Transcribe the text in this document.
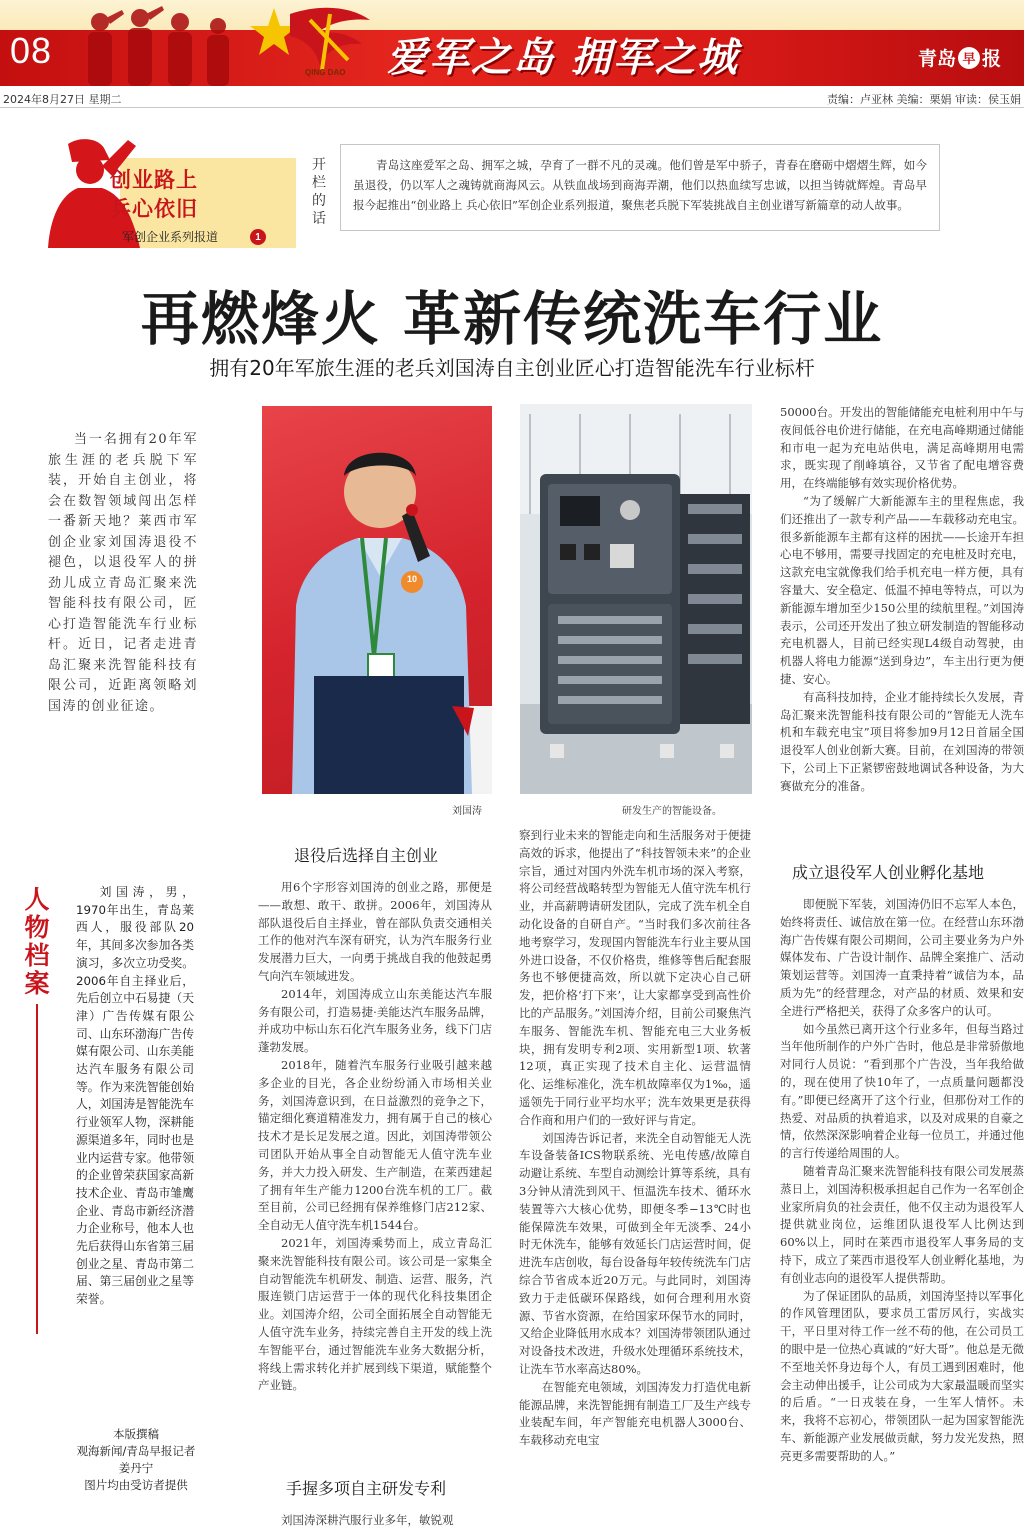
08
QING DAO 爱军之岛 拥军之城	青岛 早 报
2024年8月27日 星期二	责编：卢亚林 美编：栗娟 审读：侯玉娟
创业路上
兵心依旧
军创企业系列报道	1
开栏的话
青岛这座爱军之岛、拥军之城，孕育了一群不凡的灵魂。他们曾是军中骄子，青春在磨砺中熠熠生辉，如今虽退役，仍以军人之魂铸就商海风云。从铁血战场到商海弄潮，他们以热血续写忠诚，以担当铸就辉煌。青岛早报今起推出“创业路上 兵心依旧”军创企业系列报道，聚焦老兵脱下军装挑战自主创业谱写新篇章的动人故事。
再燃烽火 革新传统洗车行业
拥有20年军旅生涯的老兵刘国涛自主创业匠心打造智能洗车行业标杆
当一名拥有20年军旅生涯的老兵脱下军装，开始自主创业，将会在数智领域闯出怎样一番新天地？莱西市军创企业家刘国涛退役不褪色，以退役军人的拼劲儿成立青岛汇聚来洗智能科技有限公司，匠心打造智能洗车行业标杆。近日，记者走进青岛汇聚来洗智能科技有限公司，近距离领略刘国涛的创业征途。
10
刘国涛	研发生产的智能设备。
人物档案
刘国涛，男，1970年出生，青岛莱西人，服役部队20年，其间多次参加各类演习，多次立功受奖。2006年自主择业后，先后创立中石易捷（天津）广告传媒有限公司、山东环渤海广告传媒有限公司、山东美能达汽车服务有限公司等。作为来洗智能创始人，刘国涛是智能洗车行业领军人物，深耕能源渠道多年，同时也是业内运营专家。他带领的企业曾荣获国家高新技术企业、青岛市雏鹰企业、青岛市新经济潜力企业称号，他本人也先后获得山东省第三届创业之星、青岛市第二届、第三届创业之星等荣誉。
本版撰稿
观海新闻/青岛早报记者
姜丹宁
图片均由受访者提供
退役后选择自主创业

用6个字形容刘国涛的创业之路，那便是——敢想、敢干、敢拼。2006年，刘国涛从部队退役后自主择业，曾在部队负责交通相关工作的他对汽车深有研究，认为汽车服务行业发展潜力巨大，一向勇于挑战自我的他鼓起勇气向汽车领域进发。

2014年，刘国涛成立山东美能达汽车服务有限公司，打造易捷·美能达汽车服务品牌，并成功中标山东石化汽车服务业务，线下门店蓬勃发展。

2018年，随着汽车服务行业吸引越来越多企业的目光，各企业纷纷涌入市场相关业务，刘国涛意识到，在日益激烈的竞争之下，锚定细化赛道精准发力，拥有属于自己的核心技术才是长足发展之道。因此，刘国涛带领公司团队开始从事全自动智能无人值守洗车业务，并大力投入研发、生产制造，在莱西建起了拥有年生产能力1200台洗车机的工厂。截至目前，公司已经拥有保养维修门店212家、全自动无人值守洗车机1544台。

2021年，刘国涛乘势而上，成立青岛汇聚来洗智能科技有限公司。该公司是一家集全自动智能洗车机研发、制造、运营、服务，汽服连锁门店运营于一体的现代化科技集团企业。刘国涛介绍，公司全面拓展全自动智能无人值守洗车业务，持续完善自主开发的线上洗车智能平台，通过智能洗车业务大数据分析，将线上需求转化并扩展到线下渠道，赋能整个产业链。

手握多项自主研发专利

刘国涛深耕汽服行业多年，敏锐观

察到行业未来的智能走向和生活服务对于便捷高效的诉求，他提出了“科技智领未来”的企业宗旨，通过对国内外洗车机市场的深入考察，将公司经营战略转型为智能无人值守洗车机行业，并高薪聘请研发团队，完成了洗车机全自动化设备的自研自产。“当时我们多次前往各地考察学习，发现国内智能洗车行业主要从国外进口设备，不仅价格贵，维修等售后配套服务也不够便捷高效，所以就下定决心自己研发，把价格‘打下来’，让大家都享受到高性价比的产品服务。”刘国涛介绍，目前公司聚焦汽车服务、智能洗车机、智能充电三大业务板块，拥有发明专利2项、实用新型1项、软著12项，真正实现了技术自主化、运营温情化、运维标准化，洗车机故障率仅为1‰，遥遥领先于同行业平均水平；洗车效果更是获得合作商和用户们的一致好评与肯定。

刘国涛告诉记者，来洗全自动智能无人洗车设备装备ICS物联系统、光电传感/故障自动避让系统、车型自动测绘计算等系统，具有3分钟从清洗到风干、恒温洗车技术、循环水装置等六大核心优势，即便冬季−13℃时也能保障洗车效果，可做到全年无淡季、24小时无休洗车，能够有效延长门店运营时间，促进洗车店创收，每台设备每年较传统洗车门店综合节省成本近20万元。与此同时，刘国涛致力于走低碳环保路线，如何合理利用水资源、节省水资源，在给国家环保节水的同时，又给企业降低用水成本？刘国涛带领团队通过对设备技术改进，升级水处理循环系统技术，让洗车节水率高达80%。

在智能充电领域，刘国涛发力打造优电新能源品牌，来洗智能拥有制造工厂及生产线专业装配车间，年产智能充电机器人3000台、车载移动充电宝

50000台。开发出的智能储能充电桩利用中午与夜间低谷电价进行储能，在充电高峰期通过储能和市电一起为充电站供电，满足高峰期用电需求，既实现了削峰填谷，又节省了配电增容费用，在终端能够有效实现价格优势。

“为了缓解广大新能源车主的里程焦虑，我们还推出了一款专利产品——车载移动充电宝。很多新能源车主都有这样的困扰——长途开车担心电不够用，需要寻找固定的充电桩及时充电，这款充电宝就像我们给手机充电一样方便，具有容量大、安全稳定、低温不掉电等特点，可以为新能源车增加至少150公里的续航里程。”刘国涛表示，公司还开发出了独立研发制造的智能移动充电机器人，目前已经实现L4级自动驾驶，由机器人将电力能源“送到身边”，车主出行更为便捷、安心。

有高科技加持，企业才能持续长久发展，青岛汇聚来洗智能科技有限公司的“智能无人洗车机和车载充电宝”项目将参加9月12日首届全国退役军人创业创新大赛。目前，在刘国涛的带领下，公司上下正紧锣密鼓地调试各种设备，为大赛做充分的准备。

成立退役军人创业孵化基地

即便脱下军装，刘国涛仍旧不忘军人本色，始终将责任、诚信放在第一位。在经营山东环渤海广告传媒有限公司期间，公司主要业务为户外媒体发布、广告设计制作、品牌全案推广、活动策划运营等。刘国涛一直秉持着“诚信为本，品质为先”的经营理念，对产品的材质、效果和安全进行严格把关，获得了众多客户的认可。

如今虽然已离开这个行业多年，但每当路过当年他所制作的户外广告时，他总是非常骄傲地对同行人员说：“看到那个广告没，当年我给做的，现在使用了快10年了，一点质量问题都没有。”即便已经离开了这个行业，但那份对工作的热爱、对品质的执着追求，以及对成果的自豪之情，依然深深影响着企业每一位员工，并通过他的言行传递给周围的人。

随着青岛汇聚来洗智能科技有限公司发展蒸蒸日上，刘国涛积极承担起自己作为一名军创企业家所肩负的社会责任，他不仅主动为退役军人提供就业岗位，运维团队退役军人比例达到60%以上，同时在莱西市退役军人事务局的支持下，成立了莱西市退役军人创业孵化基地，为有创业志向的退役军人提供帮助。

为了保证团队的品质，刘国涛坚持以军事化的作风管理团队，要求员工雷厉风行，实战实干，平日里对待工作一丝不苟的他，在公司员工的眼中是一位热心真诚的“好大哥”。他总是无微不至地关怀身边每个人，有员工遇到困难时，他会主动伸出援手，让公司成为大家最温暖而坚实的后盾。“一日戎装在身，一生军人情怀。未来，我将不忘初心，带领团队一起为国家智能洗车、新能源产业发展做贡献，努力发光发热，照亮更多需要帮助的人。”
